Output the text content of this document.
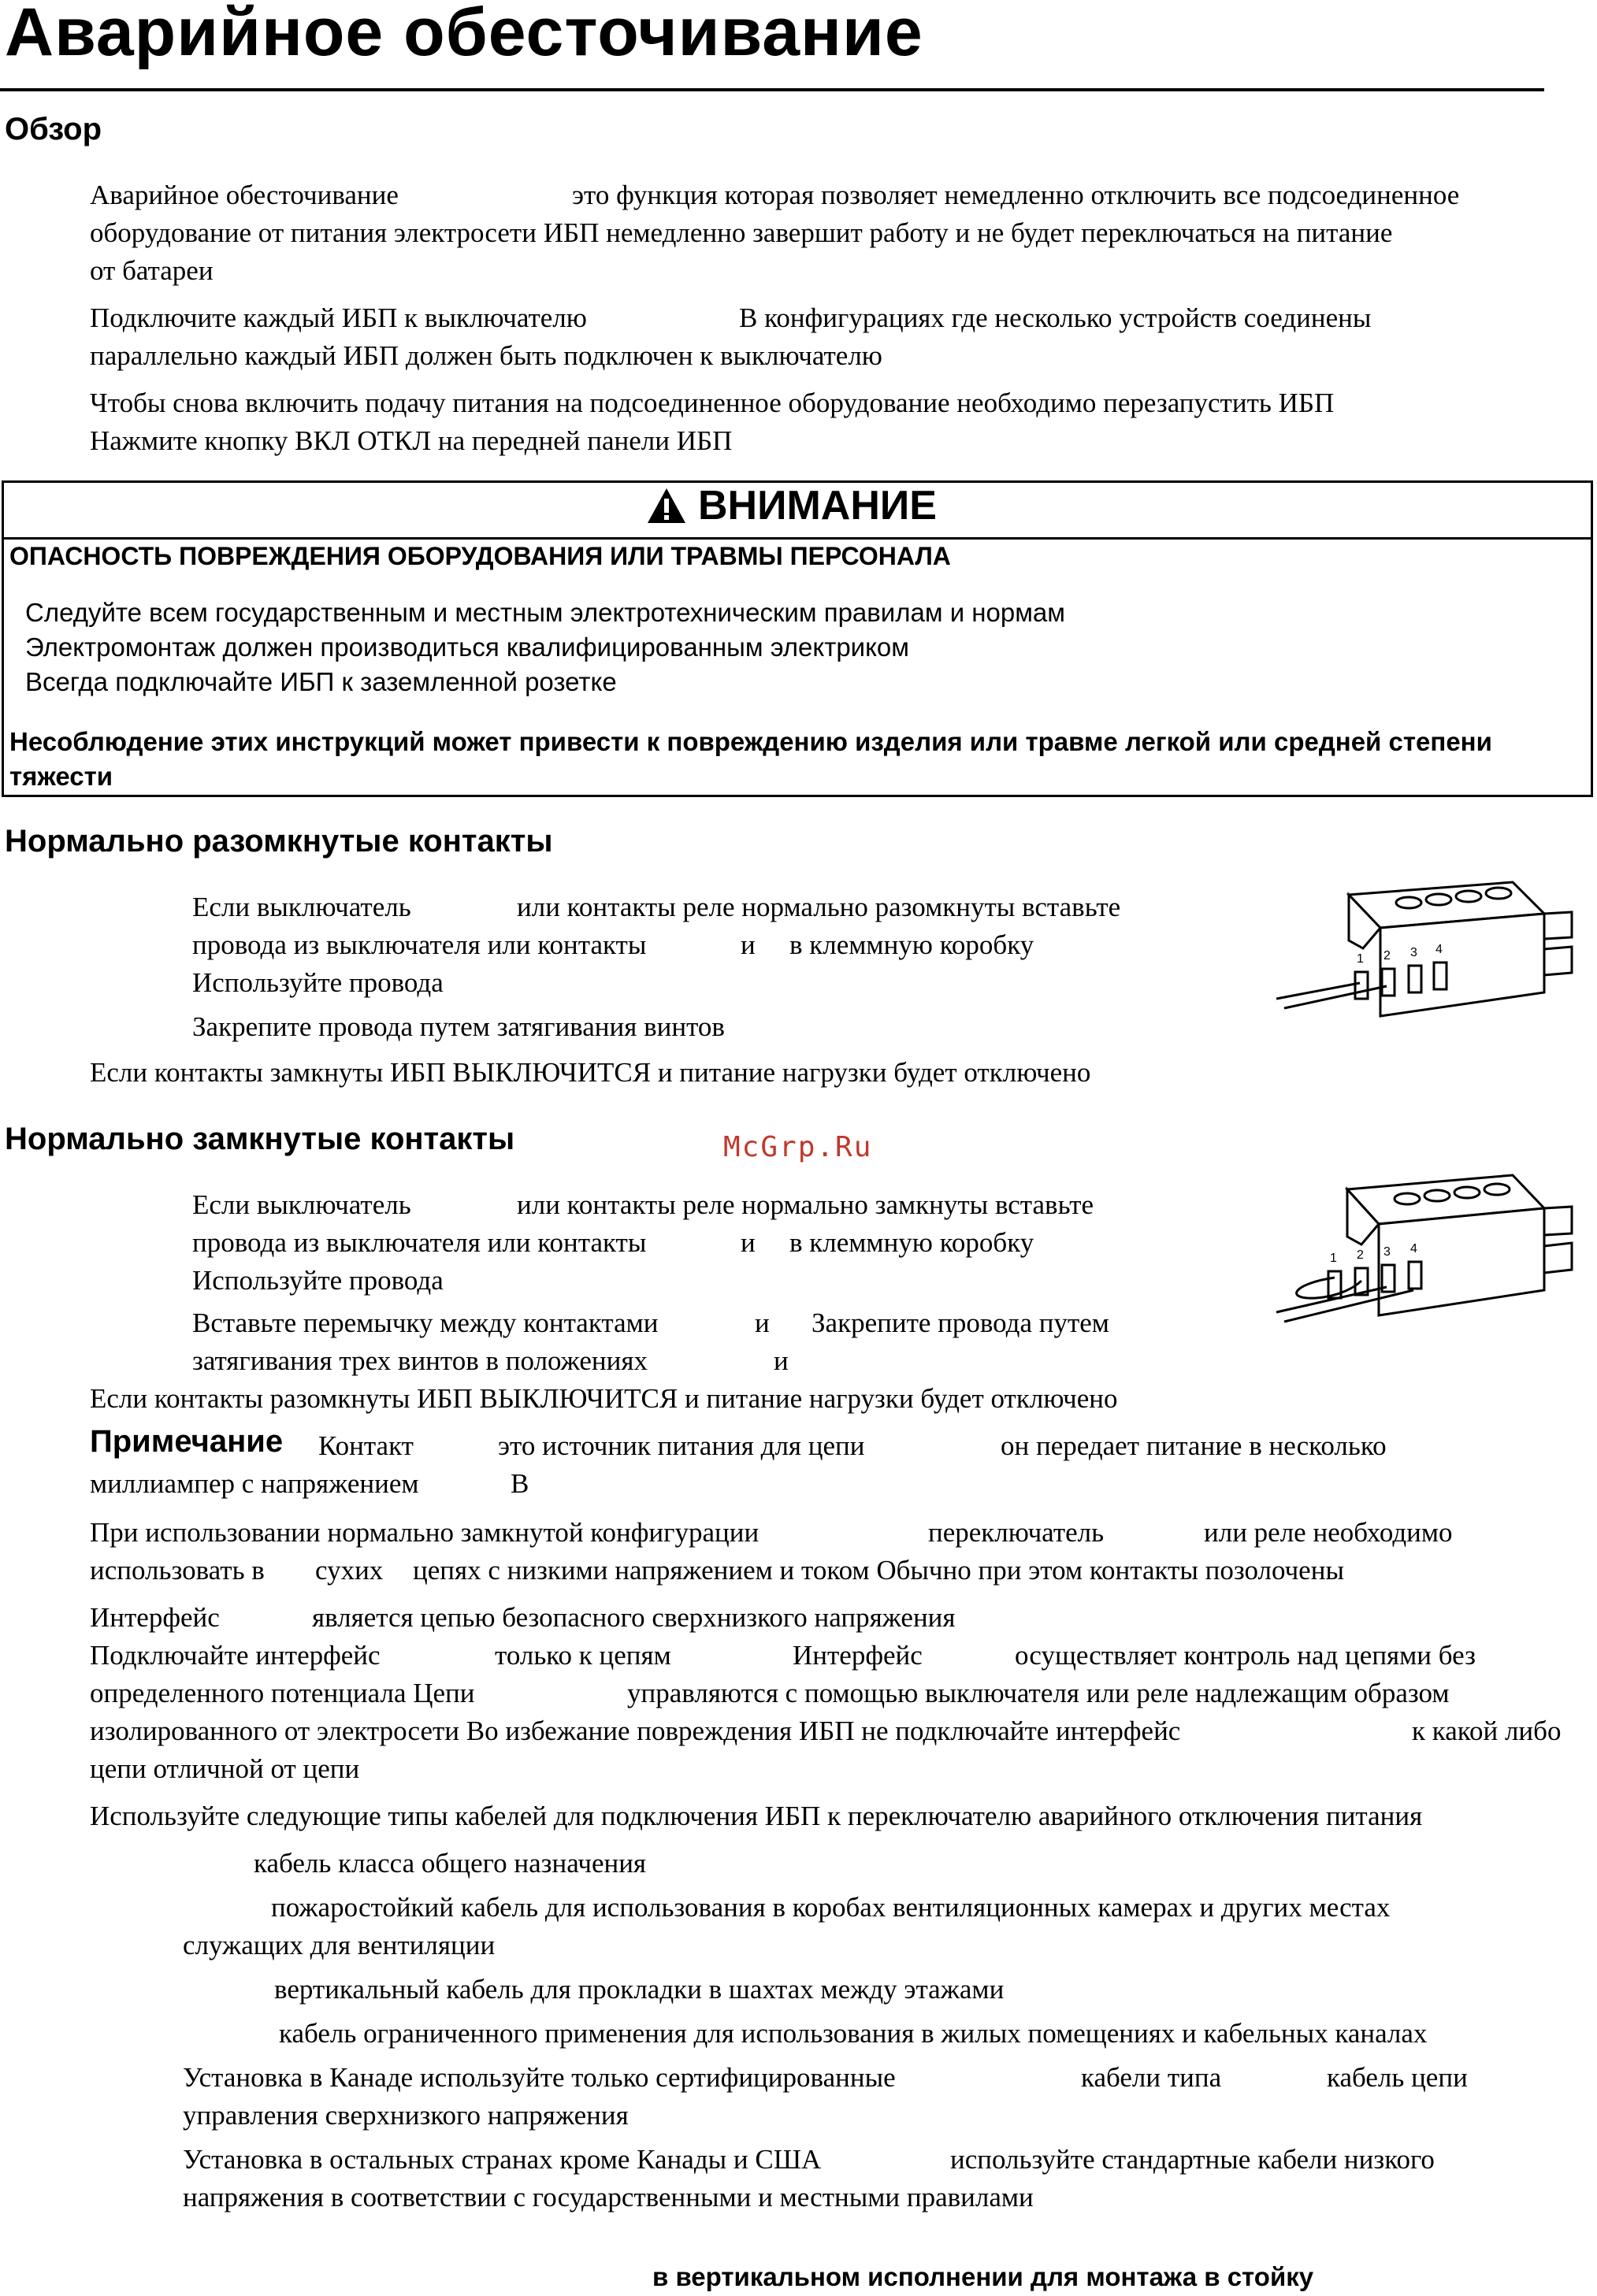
Аварийное обесточивание
Обзор
Аварийное обесточивание	это функция которая позволяет немедленно отключить все подсоединенное
оборудование от питания электросети ИБП немедленно завершит работу и не будет переключаться на питание
от батареи
Подключите каждый ИБП к выключателю	В конфигурациях где несколько устройств соединены
параллельно каждый ИБП должен быть подключен к выключателю
Чтобы снова включить подачу питания на подсоединенное оборудование необходимо перезапустить ИБП
Нажмите кнопку ВКЛ ОТКЛ на передней панели ИБП
ВНИМАНИЕ
ОПАСНОСТЬ ПОВРЕЖДЕНИЯ ОБОРУДОВАНИЯ ИЛИ ТРАВМЫ ПЕРСОНАЛА
Следуйте всем государственным и местным электротехническим правилам и нормам
Электромонтаж должен производиться квалифицированным электриком
Всегда подключайте ИБП к заземленной розетке
Несоблюдение этих инструкций может привести к повреждению изделия или травме легкой или средней степени тяжести
Нормально разомкнутые контакты
Если выключатель	или контакты реле нормально разомкнуты вставьте
провода из выключателя или контакты	и в клеммную коробку
Используйте провода
Закрепите провода путем затягивания винтов
Если контакты замкнуты ИБП ВЫКЛЮЧИТСЯ и питание нагрузки будет отключено
1 2 3 4
Нормально замкнутые контакты	McGrp.Ru
Если выключатель	или контакты реле нормально замкнуты вставьте
провода из выключателя или контакты	и в клеммную коробку
Используйте провода
Вставьте перемычку между контактами	и Закрепите провода путем
затягивания трех винтов в положениях	и
Если контакты разомкнуты ИБП ВЫКЛЮЧИТСЯ и питание нагрузки будет отключено
1 2 3 4
Примечание Контакт	это источник питания для цепи	он передает питание в несколько
миллиампер с напряжением	В
При использовании нормально замкнутой конфигурации	переключатель	или реле необходимо
использовать в сухих цепях с низкими напряжением и током Обычно при этом контакты позолочены
Интерфейс	является цепью безопасного сверхнизкого напряжения
Подключайте интерфейс	только к цепям	Интерфейс	осуществляет контроль над цепями без
определенного потенциала Цепи	управляются с помощью выключателя или реле надлежащим образом
изолированного от электросети Во избежание повреждения ИБП не подключайте интерфейс	к какой либо
цепи отличной от цепи
Используйте следующие типы кабелей для подключения ИБП к переключателю аварийного отключения питания
кабель класса общего назначения
пожаростойкий кабель для использования в коробах вентиляционных камерах и других местах
служащих для вентиляции
вертикальный кабель для прокладки в шахтах между этажами
кабель ограниченного применения для использования в жилых помещениях и кабельных каналах
Установка в Канаде используйте только сертифицированные	кабели типа	кабель цепи
управления сверхнизкого напряжения
Установка в остальных странах кроме Канады и США	используйте стандартные кабели низкого
напряжения в соответствии с государственными и местными правилами
в вертикальном исполнении для монтажа в стойку
